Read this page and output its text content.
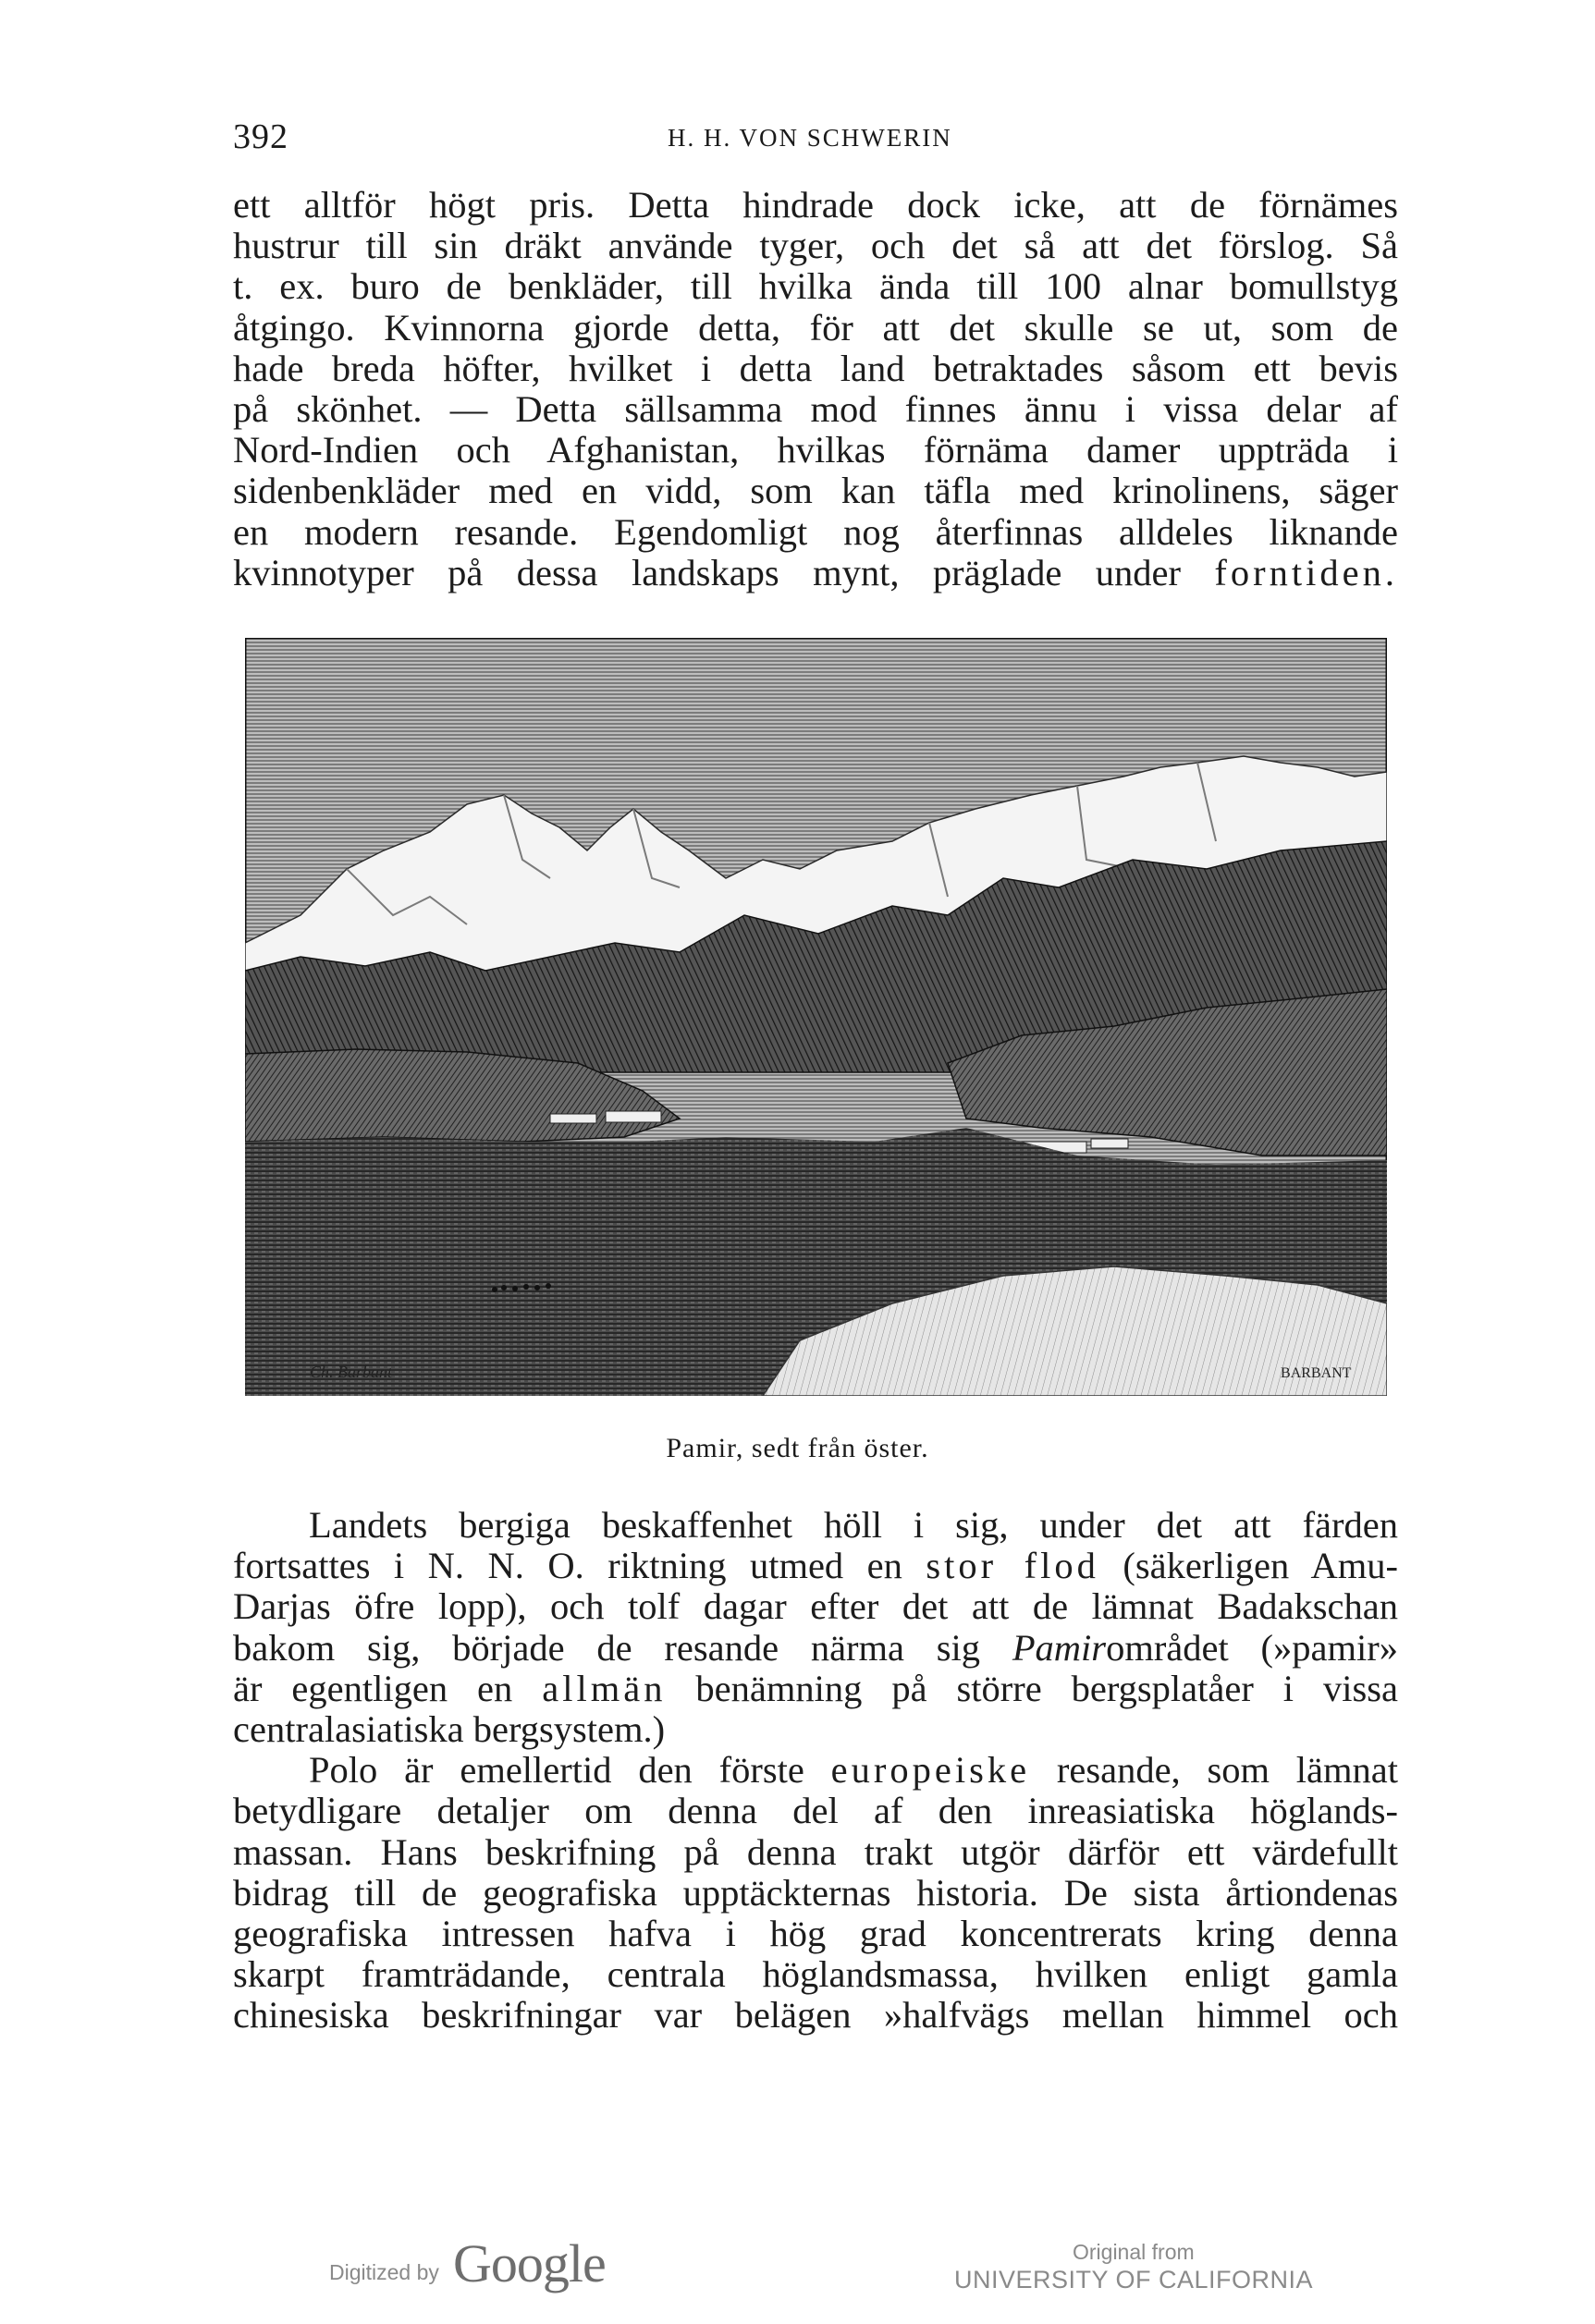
392	H. H. VON SCHWERIN
ett alltför högt pris. Detta hindrade dock icke, att de förnämes
hustrur till sin dräkt använde tyger, och det så att det förslog. Så
t. ex. buro de benkläder, till hvilka ända till 100 alnar bomullstyg
åtgingo. Kvinnorna gjorde detta, för att det skulle se ut, som de
hade breda höfter, hvilket i detta land betraktades såsom ett bevis
på skönhet. — Detta sällsamma mod finnes ännu i vissa delar af
Nord-Indien och Afghanistan, hvilkas förnäma damer uppträda i
sidenbenkläder med en vidd, som kan täfla med krinolinens, säger
en modern resande. Egendomligt nog återfinnas alldeles liknande
kvinnotyper på dessa landskaps mynt, präglade under forntiden.
Ch. Barbant	BARBANT
Pamir, sedt från öster.
Landets bergiga beskaffenhet höll i sig, under det att färden
fortsattes i N. N. O. riktning utmed en stor flod (säkerligen Amu-
Darjas öfre lopp), och tolf dagar efter det att de lämnat Badakschan
bakom sig, började de resande närma sig Pamirområdet (»pamir»
är egentligen en allmän benämning på större bergsplatåer i vissa
centralasiatiska bergsystem.)
Polo är emellertid den förste europeiske resande, som lämnat
betydligare detaljer om denna del af den inreasiatiska höglands-
massan. Hans beskrifning på denna trakt utgör därför ett värdefullt
bidrag till de geografiska upptäckternas historia. De sista årtiondenas
geografiska intressen hafva i hög grad koncentrerats kring denna
skarpt framträdande, centrala höglandsmassa, hvilken enligt gamla
chinesiska beskrifningar var belägen »halfvägs mellan himmel och
Digitized by Google	Original from
UNIVERSITY OF CALIFORNIA
